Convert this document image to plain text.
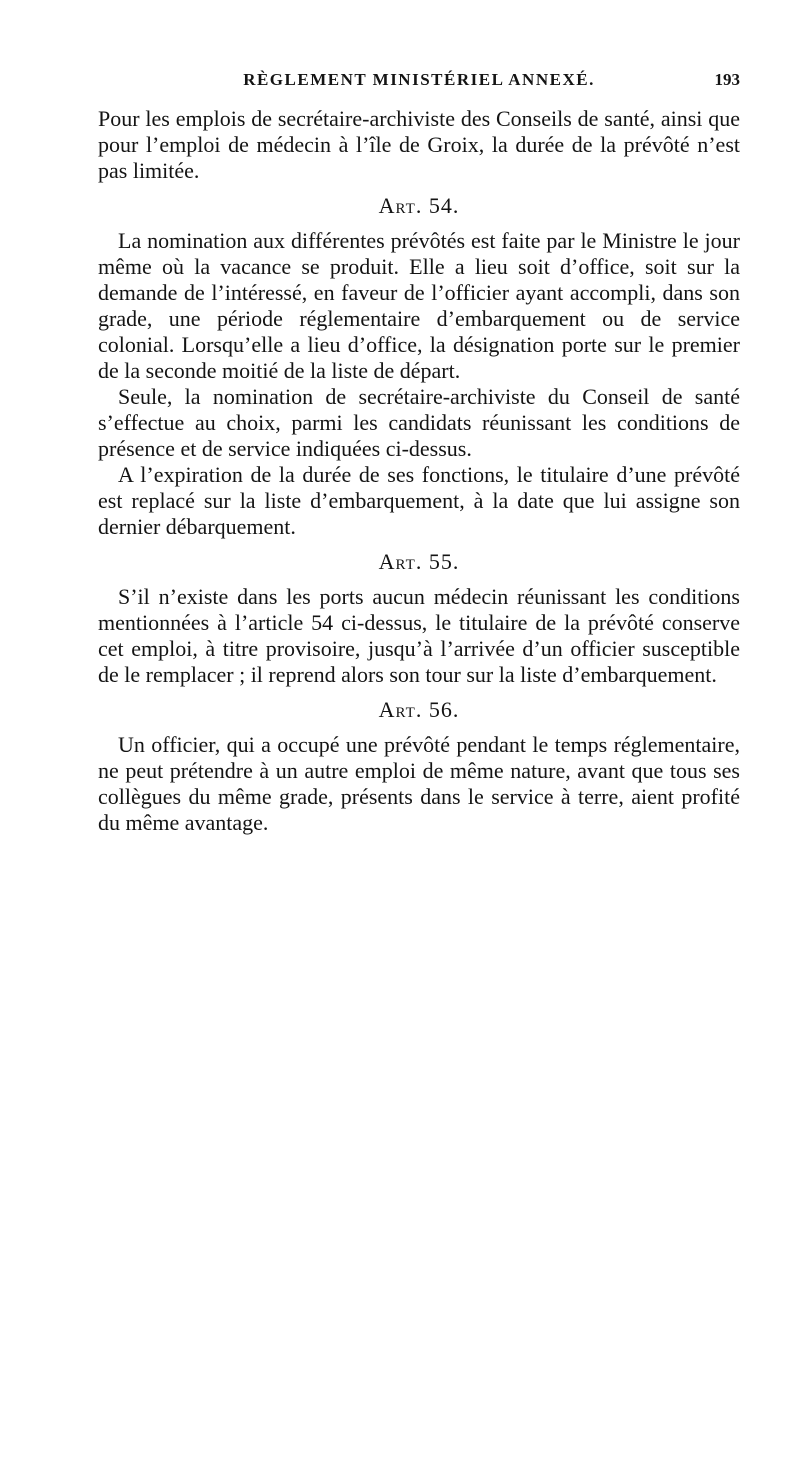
RÈGLEMENT MINISTÉRIEL ANNEXÉ.	193

Pour les emplois de secrétaire-archiviste des Conseils de santé, ainsi que pour l’emploi de médecin à l’île de Groix, la durée de la prévôté n’est pas limitée.

Art. 54.

La nomination aux différentes prévôtés est faite par le Ministre le jour même où la vacance se produit. Elle a lieu soit d’office, soit sur la demande de l’intéressé, en faveur de l’officier ayant accompli, dans son grade, une période réglementaire d’embarquement ou de service colonial. Lorsqu’elle a lieu d’office, la désignation porte sur le premier de la seconde moitié de la liste de départ.

Seule, la nomination de secrétaire-archiviste du Conseil de santé s’effectue au choix, parmi les candidats réunissant les conditions de présence et de service indiquées ci-dessus.

A l’expiration de la durée de ses fonctions, le titulaire d’une prévôté est replacé sur la liste d’embarquement, à la date que lui assigne son dernier débarquement.

Art. 55.

S’il n’existe dans les ports aucun médecin réunissant les conditions mentionnées à l’article 54 ci-dessus, le titulaire de la prévôté conserve cet emploi, à titre provisoire, jusqu’à l’arrivée d’un officier susceptible de le remplacer ; il reprend alors son tour sur la liste d’embarquement.

Art. 56.

Un officier, qui a occupé une prévôté pendant le temps réglementaire, ne peut prétendre à un autre emploi de même nature, avant que tous ses collègues du même grade, présents dans le service à terre, aient profité du même avantage.
